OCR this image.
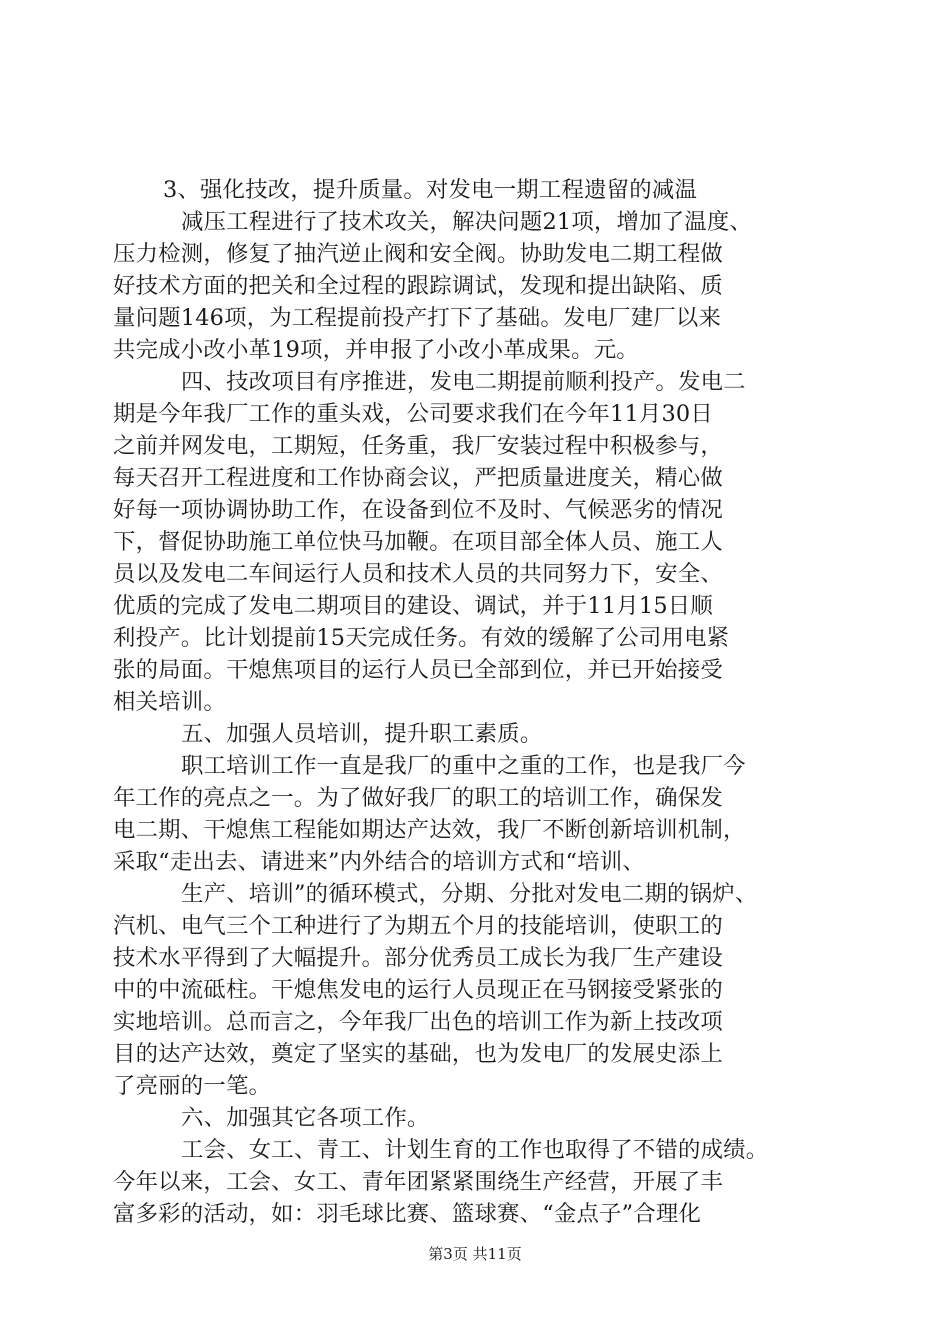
3、强化技改，提升质量。对发电一期工程遗留的减温
减压工程进行了技术攻关，解决问题21项，增加了温度、
压力检测，修复了抽汽逆止阀和安全阀。协助发电二期工程做
好技术方面的把关和全过程的跟踪调试，发现和提出缺陷、质
量问题146项，为工程提前投产打下了基础。发电厂建厂以来
共完成小改小革19项，并申报了小改小革成果。元。
四、技改项目有序推进，发电二期提前顺利投产。发电二
期是今年我厂工作的重头戏，公司要求我们在今年11月30日
之前并网发电，工期短，任务重，我厂安装过程中积极参与，
每天召开工程进度和工作协商会议，严把质量进度关，精心做
好每一项协调协助工作，在设备到位不及时、气候恶劣的情况
下，督促协助施工单位快马加鞭。在项目部全体人员、施工人
员以及发电二车间运行人员和技术人员的共同努力下，安全、
优质的完成了发电二期项目的建设、调试，并于11月15日顺
利投产。比计划提前15天完成任务。有效的缓解了公司用电紧
张的局面。干熄焦项目的运行人员已全部到位，并已开始接受
相关培训。
五、加强人员培训，提升职工素质。
职工培训工作一直是我厂的重中之重的工作，也是我厂今
年工作的亮点之一。为了做好我厂的职工的培训工作，确保发
电二期、干熄焦工程能如期达产达效，我厂不断创新培训机制，
采取“走出去、请进来”内外结合的培训方式和“培训、
生产、培训”的循环模式，分期、分批对发电二期的锅炉、
汽机、电气三个工种进行了为期五个月的技能培训，使职工的
技术水平得到了大幅提升。部分优秀员工成长为我厂生产建设
中的中流砥柱。干熄焦发电的运行人员现正在马钢接受紧张的
实地培训。总而言之，今年我厂出色的培训工作为新上技改项
目的达产达效，奠定了坚实的基础，也为发电厂的发展史添上
了亮丽的一笔。
六、加强其它各项工作。
工会、女工、青工、计划生育的工作也取得了不错的成绩。
今年以来，工会、女工、青年团紧紧围绕生产经营，开展了丰
富多彩的活动，如：羽毛球比赛、篮球赛、“金点子”合理化
第3页 共11页
